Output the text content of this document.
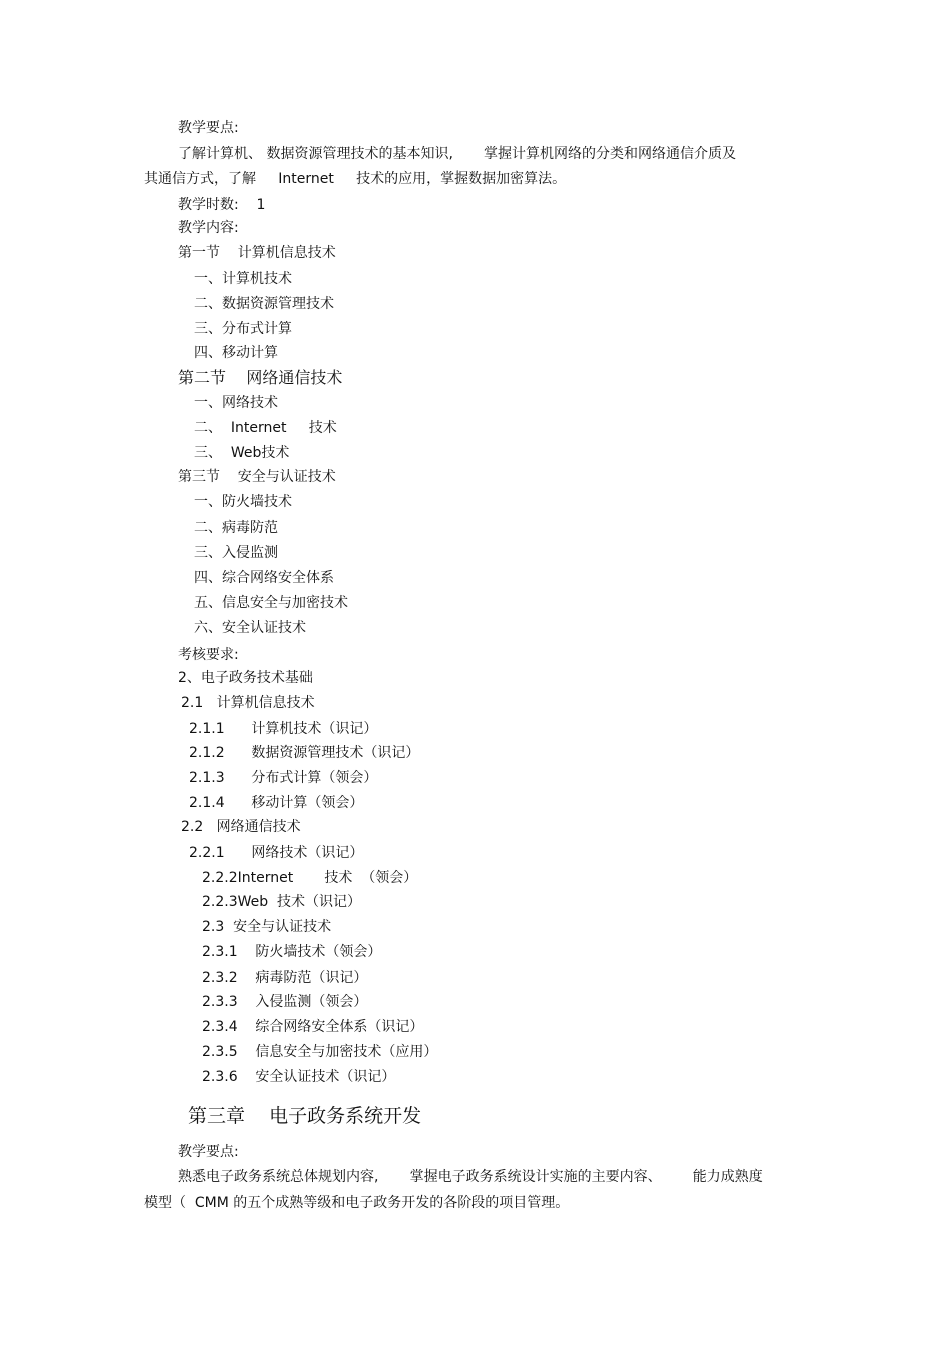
教学要点:
了解计算机、 数据资源管理技术的基本知识,       掌握计算机网络的分类和网络通信介质及
其通信方式，了解     Internet     技术的应用，掌握数据加密算法。
教学时数:    1
教学内容:
第一节    计算机信息技术
一、计算机技术
二、数据资源管理技术
三、分布式计算
四、移动计算
第二节    网络通信技术
一、网络技术
二、  Internet     技术
三、  Web技术
第三节    安全与认证技术
一、防火墙技术
二、病毒防范
三、入侵监测
四、综合网络安全体系
五、信息安全与加密技术
六、安全认证技术
考核要求:
2、电子政务技术基础
2.1   计算机信息技术
2.1.1      计算机技术（识记）
2.1.2      数据资源管理技术（识记）
2.1.3      分布式计算（领会）
2.1.4      移动计算（领会）
2.2   网络通信技术
2.2.1      网络技术（识记）
2.2.2Internet       技术  （领会）
2.2.3Web  技术（识记）
2.3  安全与认证技术
2.3.1    防火墙技术（领会）
2.3.2    病毒防范（识记）
2.3.3    入侵监测（领会）
2.3.4    综合网络安全体系（识记）
2.3.5    信息安全与加密技术（应用）
2.3.6    安全认证技术（识记）
第三章    电子政务系统开发
教学要点:
熟悉电子政务系统总体规划内容,       掌握电子政务系统设计实施的主要内容、       能力成熟度
模型（  CMM 的五个成熟等级和电子政务开发的各阶段的项目管理。
